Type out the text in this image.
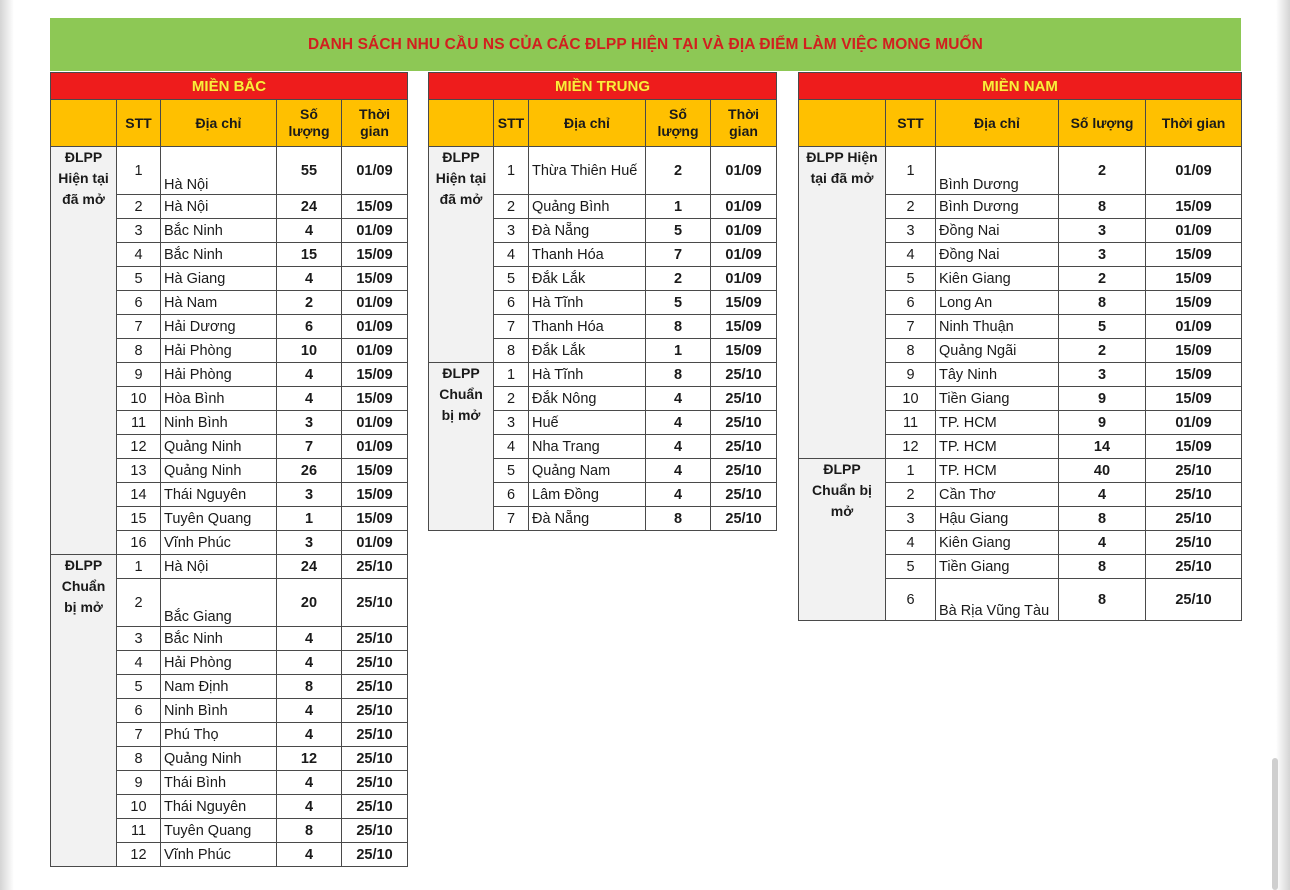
DANH SÁCH NHU CẦU NS CỦA CÁC ĐLPP HIỆN TẠI VÀ ĐỊA ĐIỂM LÀM VIỆC MONG MUỐN
MIỀN BẮC				
	STT	Địa chỉ	Số lượng	Thời gian
ĐLPP Hiện tại đã mở	1	Hà Nội	55	01/09
	2	Hà Nội	24	15/09
	3	Bắc Ninh	4	01/09
	4	Bắc Ninh	15	15/09
	5	Hà Giang	4	15/09
	6	Hà Nam	2	01/09
	7	Hải Dương	6	01/09
	8	Hải Phòng	10	01/09
	9	Hải Phòng	4	15/09
	10	Hòa Bình	4	15/09
	11	Ninh Bình	3	01/09
	12	Quảng Ninh	7	01/09
	13	Quảng Ninh	26	15/09
	14	Thái Nguyên	3	15/09
	15	Tuyên Quang	1	15/09
	16	Vĩnh Phúc	3	01/09
ĐLPP Chuẩn bị mở	1	Hà Nội	24	25/10
	2	Bắc Giang	20	25/10
	3	Bắc Ninh	4	25/10
	4	Hải Phòng	4	25/10
	5	Nam Định	8	25/10
	6	Ninh Bình	4	25/10
	7	Phú Thọ	4	25/10
	8	Quảng Ninh	12	25/10
	9	Thái Bình	4	25/10
	10	Thái Nguyên	4	25/10
	11	Tuyên Quang	8	25/10
	12	Vĩnh Phúc	4	25/10
MIỀN TRUNG				
	STT	Địa chỉ	Số lượng	Thời gian
ĐLPP Hiện tại đã mở	1	Thừa Thiên Huế	2	01/09
	2	Quảng Bình	1	01/09
	3	Đà Nẵng	5	01/09
	4	Thanh Hóa	7	01/09
	5	Đắk Lắk	2	01/09
	6	Hà Tĩnh	5	15/09
	7	Thanh Hóa	8	15/09
	8	Đắk Lắk	1	15/09
ĐLPP Chuẩn bị mở	1	Hà Tĩnh	8	25/10
	2	Đắk Nông	4	25/10
	3	Huế	4	25/10
	4	Nha Trang	4	25/10
	5	Quảng Nam	4	25/10
	6	Lâm Đồng	4	25/10
	7	Đà Nẵng	8	25/10
MIỀN NAM				
	STT	Địa chỉ	Số lượng	Thời gian
ĐLPP Hiện tại đã mở	1	Bình Dương	2	01/09
	2	Bình Dương	8	15/09
	3	Đồng Nai	3	01/09
	4	Đồng Nai	3	15/09
	5	Kiên Giang	2	15/09
	6	Long An	8	15/09
	7	Ninh Thuận	5	01/09
	8	Quảng Ngãi	2	15/09
	9	Tây Ninh	3	15/09
	10	Tiền Giang	9	15/09
	11	TP. HCM	9	01/09
	12	TP. HCM	14	15/09
ĐLPP Chuẩn bị mở	1	TP. HCM	40	25/10
	2	Cần Thơ	4	25/10
	3	Hậu Giang	8	25/10
	4	Kiên Giang	4	25/10
	5	Tiền Giang	8	25/10
	6	Bà Rịa Vũng Tàu	8	25/10
